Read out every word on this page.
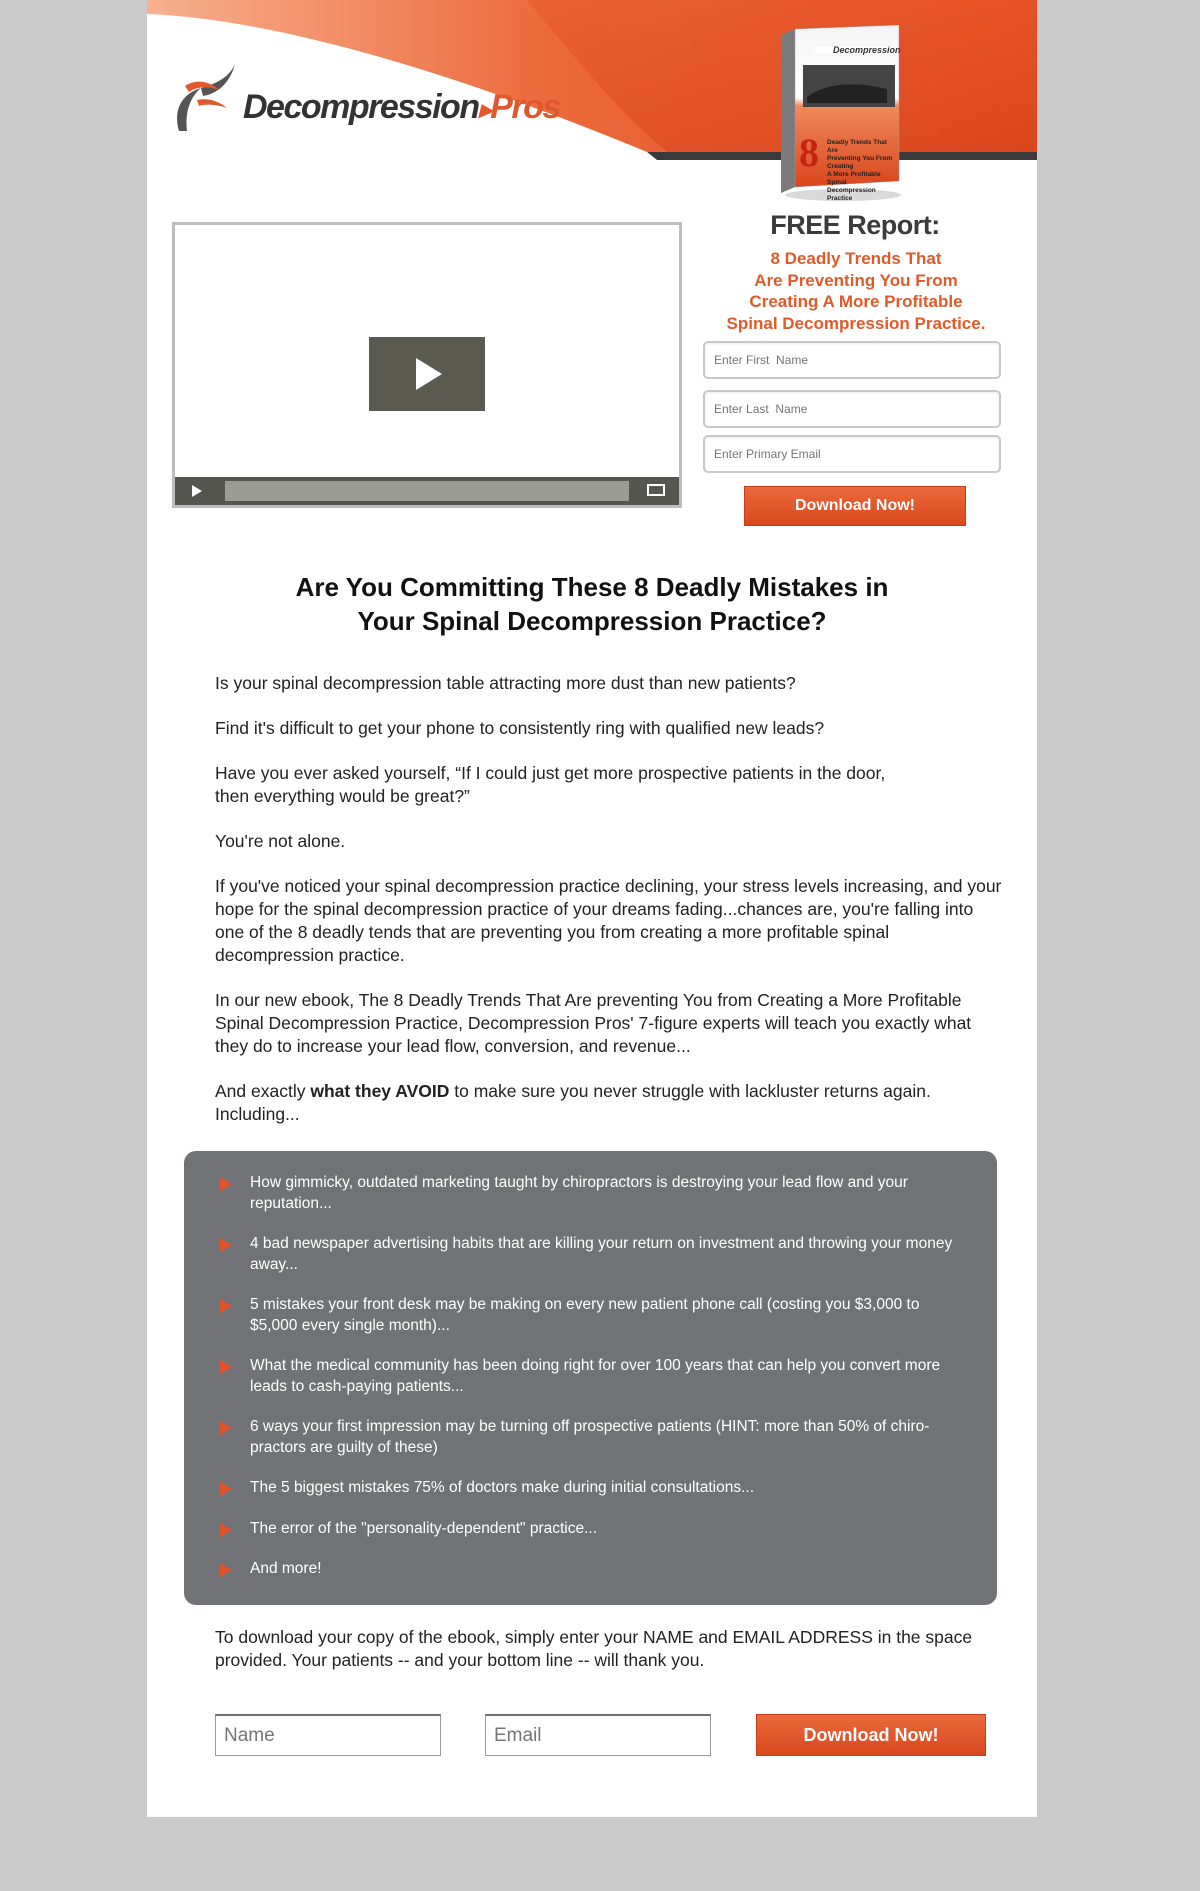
Decompression▸Pros
8
Decompression
Deadly Trends That Are
Preventing You From Creating
A More Profitable Spinal
Decompression Practice
FREE Report:
8 Deadly Trends That
Are Preventing You From
Creating A More Profitable
Spinal Decompression Practice.
Enter First Name
Enter Last Name
Enter Primary Email
Download Now!
Are You Committing These 8 Deadly Mistakes in
Your Spinal Decompression Practice?

Is your spinal decompression table attracting more dust than new patients?

Find it's difficult to get your phone to consistently ring with qualified new leads?

Have you ever asked yourself, “If I could just get more prospective patients in the door, then everything would be great?”

You're not alone.

If you've noticed your spinal decompression practice declining, your stress levels increasing, and your hope for the spinal decompression practice of your dreams fading...chances are, you're falling into one of the 8 deadly tends that are preventing you from creating a more profitable spinal decompression practice.

In our new ebook, The 8 Deadly Trends That Are preventing You from Creating a More Profitable Spinal Decompression Practice, Decompression Pros' 7-figure experts will teach you exactly what they do to increase your lead flow, conversion, and revenue...

And exactly what they AVOID to make sure you never struggle with lackluster returns again. Including...

How gimmicky, outdated marketing taught by chiropractors is destroying your lead flow and your reputation...
4 bad newspaper advertising habits that are killing your return on investment and throwing your money away...
5 mistakes your front desk may be making on every new patient phone call (costing you $3,000 to $5,000 every single month)...
What the medical community has been doing right for over 100 years that can help you convert more leads to cash-paying patients...
6 ways your first impression may be turning off prospective patients (HINT: more than 50% of chiro-practors are guilty of these)
The 5 biggest mistakes 75% of doctors make during initial consultations...
The error of the "personality-dependent" practice...
And more!
To download your copy of the ebook, simply enter your NAME and EMAIL ADDRESS in the space provided. Your patients -- and your bottom line -- will thank you.
Name
Email
Download Now!
